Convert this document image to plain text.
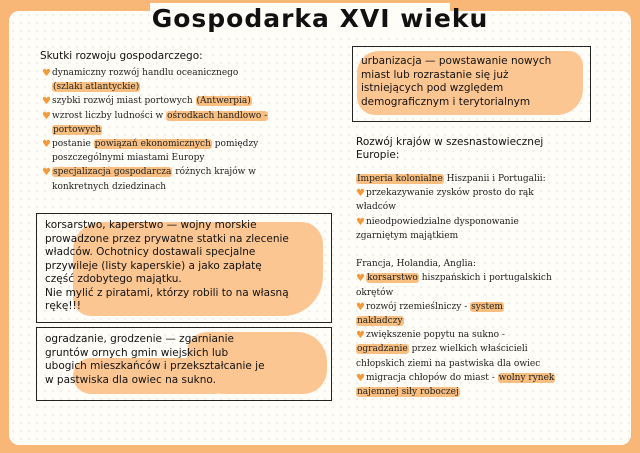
Gospodarka XVI wieku	@krisola.note
Skutki rozwoju gospodarczego:
♥dynamiczny rozwój handlu oceanicznego
(szlaki atlantyckie)
♥szybki rozwój miast portowych (Antwerpia)
♥wzrost liczby ludności w ośrodkach handlowo -
portowych
♥postanie powiązań ekonomicznych pomiędzy
poszczególnymi miastami Europy
♥ specjalizacja gospodarcza różnych krajów w
konkretnych dziedzinach
korsarstwo, kaperstwo — wojny morskie
prowadzone przez prywatne statki na zlecenie
władców. Ochotnicy dostawali specjalne
przywileje (listy kaperskie) a jako zapłatę
część zdobytego majątku.
Nie mylić z piratami, którzy robili to na własną
rękę!!!
ogradzanie, grodzenie — zgarnianie
gruntów ornych gmin wiejskich lub
ubogich mieszkańców i przekształcanie je
w pastwiska dla owiec na sukno.
urbanizacja — powstawanie nowych
miast lub rozrastanie się już
istniejących pod względem
demograficznym i terytorialnym
Rozwój krajów w szesnastowiecznej
Europie:
Imperia kolonialne Hiszpanii i Portugalii:
♥przekazywanie zysków prosto do rąk
władców
♥nieodpowiedzialne dysponowanie
zgarniętym majątkiem

Francja, Holandia, Anglia:
♥ korsarstwo hiszpańskich i portugalskich
okrętów
♥rozwój rzemieślniczy - system
nakładczy
♥zwiększenie popytu na sukno -
ogradzanie przez wielkich właścicieli
chłopskich ziemi na pastwiska dla owiec
♥migracja chłopów do miast - wolny rynek
najemnej siły roboczej
